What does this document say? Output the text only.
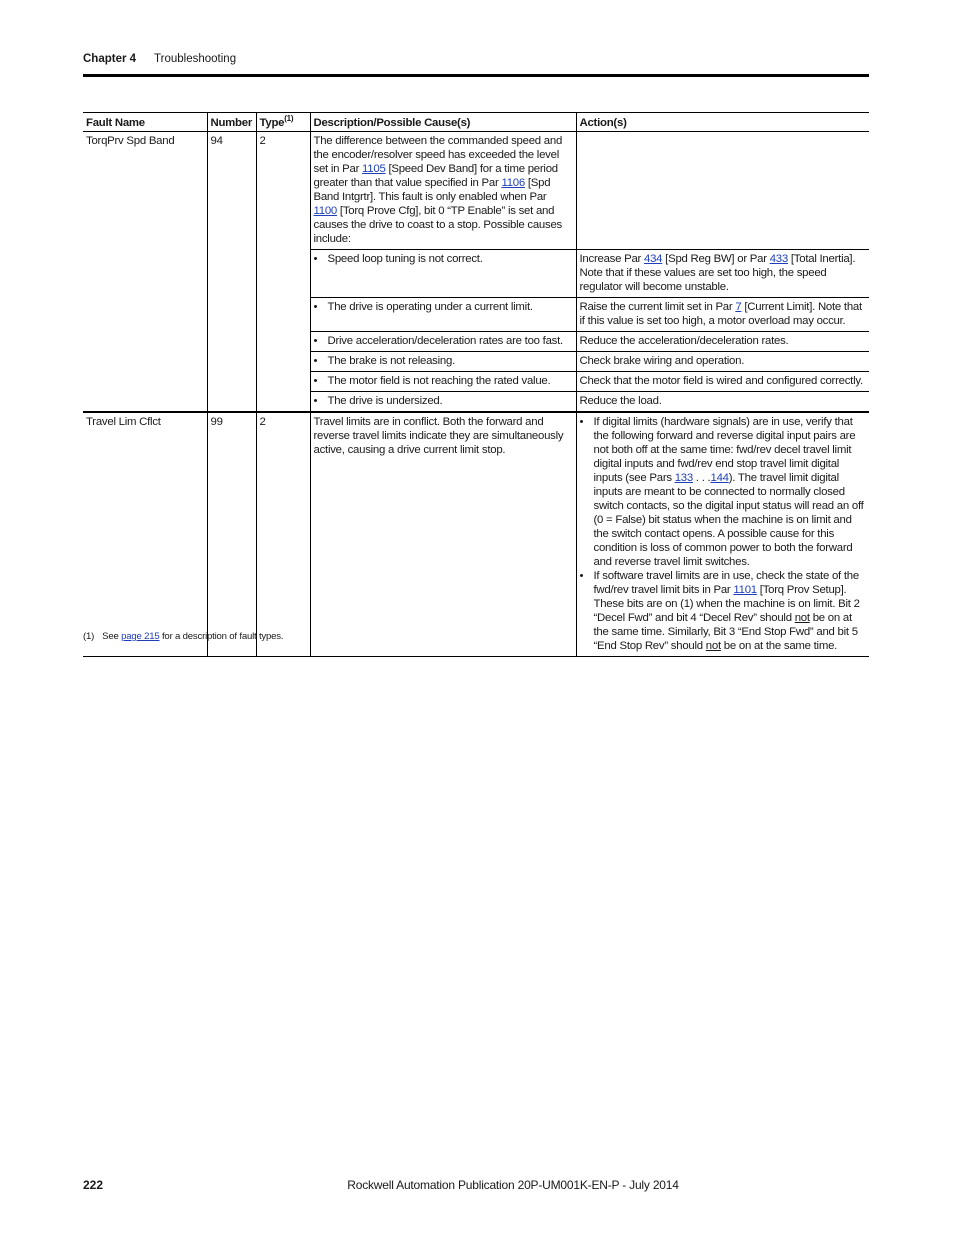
Chapter 4 Troubleshooting
Fault Name	Number	Type$^{(1)}$	Description/Possible Cause(s)	Action(s)
TorqPrv Spd Band	94	2	The difference between the commanded speed and the encoder/resolver speed has exceeded the level set in Par 1105 [Speed Dev Band] for a time period greater than that value specified in Par 1106 [Spd Band Intgrtr]. This fault is only enabled when Par 1100 [Torq Prove Cfg], bit 0 “TP Enable” is set and causes the drive to coast to a stop. Possible causes include:	

			• Speed loop tuning is not correct.	Increase Par 434 [Spd Reg BW] or Par 433 [Total Inertia]. Note that if these values are set too high, the speed regulator will become unstable.

			• The drive is operating under a current limit.	Raise the current limit set in Par 7 [Current Limit]. Note that if this value is set too high, a motor overload may occur.

			• Drive acceleration/deceleration rates are too fast.	Reduce the acceleration/deceleration rates.

			• The brake is not releasing.	Check brake wiring and operation.

			• The motor field is not reaching the rated value.	Check that the motor field is wired and configured correctly.

			• The drive is undersized.	Reduce the load.
Travel Lim Cflct	99	2	Travel limits are in conflict. Both the forward and reverse travel limits indicate they are simultaneously active, causing a drive current limit stop.	• If digital limits (hardware signals) are in use, verify that the following forward and reverse digital input pairs are not both off at the same time: fwd/rev decel travel limit digital inputs and fwd/rev end stop travel limit digital inputs (see Pars 133 . . .144). The travel limit digital inputs are meant to be connected to normally closed switch contacts, so the digital input status will read an off (0 = False) bit status when the machine is on limit and the switch contact opens. A possible cause for this condition is loss of common power to both the forward and reverse travel limit switches.
• If software travel limits are in use, check the state of the fwd/rev travel limit bits in Par 1101 [Torq Prov Setup]. These bits are on (1) when the machine is on limit. Bit 2 “Decel Fwd” and bit 4 “Decel Rev” should not be on at the same time. Similarly, Bit 3 “End Stop Fwd” and bit 5 “End Stop Rev” should not be on at the same time.
(1) See page 215 for a description of fault types.
222	Rockwell Automation Publication 20P-UM001K-EN-P - July 2014
